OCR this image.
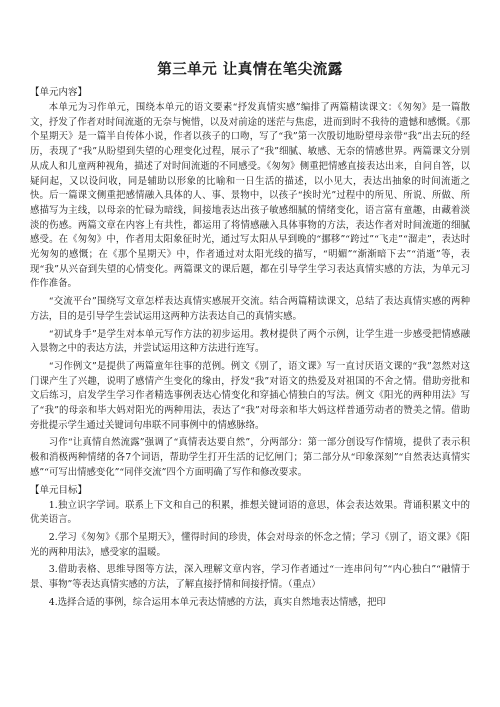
第三单元 让真情在笔尖流露
【单元内容】

本单元为习作单元，围绕本单元的语文要素“抒发真情实感”编排了两篇精读课文：《匆匆》是一篇散文，抒发了作者对时间流逝的无奈与惋惜，以及对前途的迷茫与焦虑，进而到时不我待的遗憾和感慨。《那个星期天》是一篇半自传体小说，作者以孩子的口吻，写了“我”第一次殷切地盼望母亲带“我”出去玩的经历，表现了“我”从盼望到失望的心理变化过程，展示了“我”细腻、敏感、无奈的情感世界。两篇课文分别从成人和儿童两种视角，描述了对时间流逝的不同感受。《匆匆》侧重把情感直接表达出来，自问自答，以疑问起，又以设问收，同是辅助以形象的比喻和一日生活的描述，以小见大，表达出抽象的时间流逝之快。后一篇课文侧重把感情融入具体的人、事、景物中，以孩子“挨时光”过程中的所见、所说、所做、所感描写为主线，以母亲的忙碌为暗线，间接地表达出孩子敏感细腻的情绪变化，语言富有童趣，由藏着淡淡的伤感。两篇文章在内容上有共性，都运用了将情感融入具体事物的方法，表达作者对时间流逝的细腻感受。在《匆匆》中，作者用太阳象征时光，通过写太阳从早到晚的“挪移”“跨过”“飞走”“溜走”，表达时光匆匆的感慨；在《那个星期天》中，作者通过对太阳光线的描写，“明媚”“渐渐暗下去”“消逝”等，表现“我”从兴奋到失望的心情变化。两篇课文的课后题，都在引导学生学习表达真情实感的方法，为单元习作作准备。

“交流平台”围绕写文章怎样表达真情实感展开交流。结合两篇精读课文，总结了表达真情实感的两种方法，目的是引导学生尝试运用这两种方法表达自己的真情实感。

“初试身手”是学生对本单元写作方法的初步运用。教材提供了两个示例，让学生进一步感受把情感融入景物之中的表达方法，并尝试运用这种方法进行连写。

“习作例文”是提供了两篇童年往事的范例。例文《别了，语文课》写一直讨厌语文课的“我”忽然对这门课产生了兴趣，说明了感情产生变化的缘由，抒发“我”对语文的热爱及对祖国的不舍之情。借助旁批和文后练习，启发学生学习作者精选事例表达心情变化和穿插心情独白的写法。例文《阳光的两种用法》写了“我”的母亲和毕大妈对阳光的两种用法，表达了“我”对母亲和毕大妈这样普通劳动者的赞美之情。借助旁批提示学生通过关键词句串联不同事例中的情感脉络。

习作“让真情自然流露”强调了“真情表达要自然”，分两部分：第一部分创设写作情境，提供了表示积极和消极两种情绪的各7个词语，帮助学生打开生活的记忆闸门；第二部分从“印象深刻”“自然表达真情实感”“可写出情感变化”“同伴交流”四个方面明确了写作和修改要求。

【单元目标】

1.独立识字学词。联系上下文和自己的积累，推想关键词语的意思，体会表达效果。背诵积累文中的优美语言。

2.学习《匆匆》《那个星期天》，懂得时间的珍贵，体会对母亲的怀念之情；学习《别了，语文课》《阳光的两种用法》，感受家的温暖。

3.借助表格、思维导图等方法，深入理解文章内容，学习作者通过“一连串问句”“内心独白”“融情于景、事物”等表达真情实感的方法，了解直接抒情和间接抒情。（重点）

4.选择合适的事例，综合运用本单元表达情感的方法，真实自然地表达情感，把印
